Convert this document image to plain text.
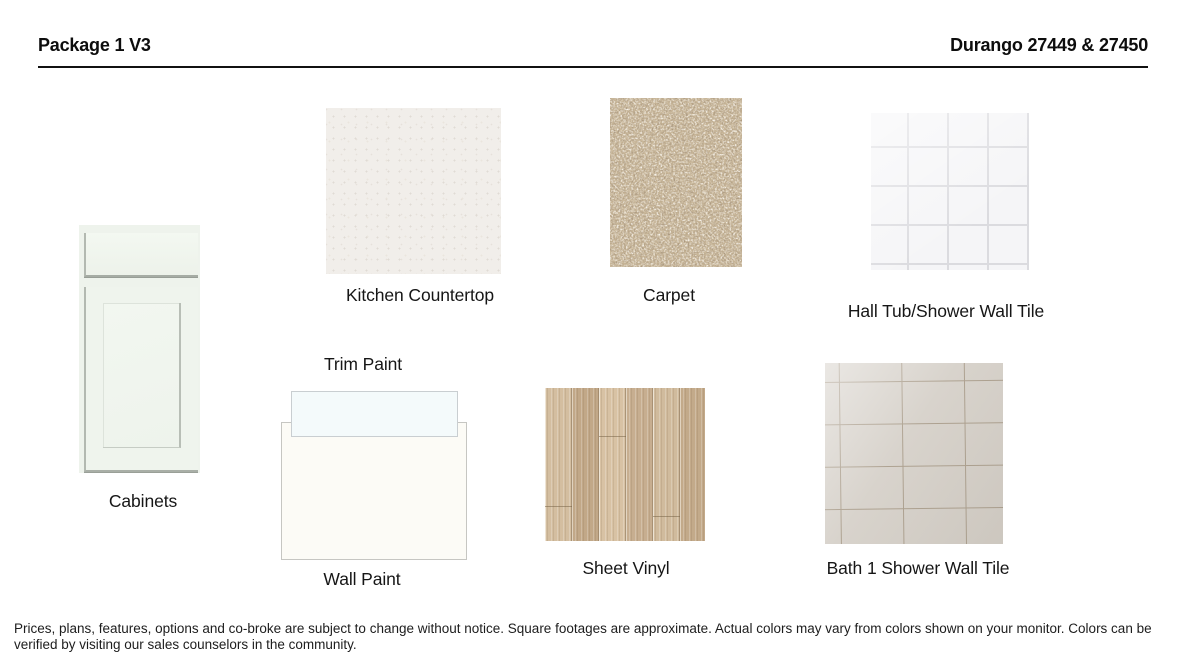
Package 1 V3	Durango 27449 & 27450
Cabinets
Kitchen Countertop	Carpet
Hall Tub/Shower Wall Tile
Trim Paint
Wall Paint
Sheet Vinyl	Bath 1 Shower Wall Tile

Prices, plans, features, options and co-broke are subject to change without notice. Square footages are approximate. Actual colors may vary from colors shown on your monitor. Colors can be verified by visiting our sales counselors in the community.
